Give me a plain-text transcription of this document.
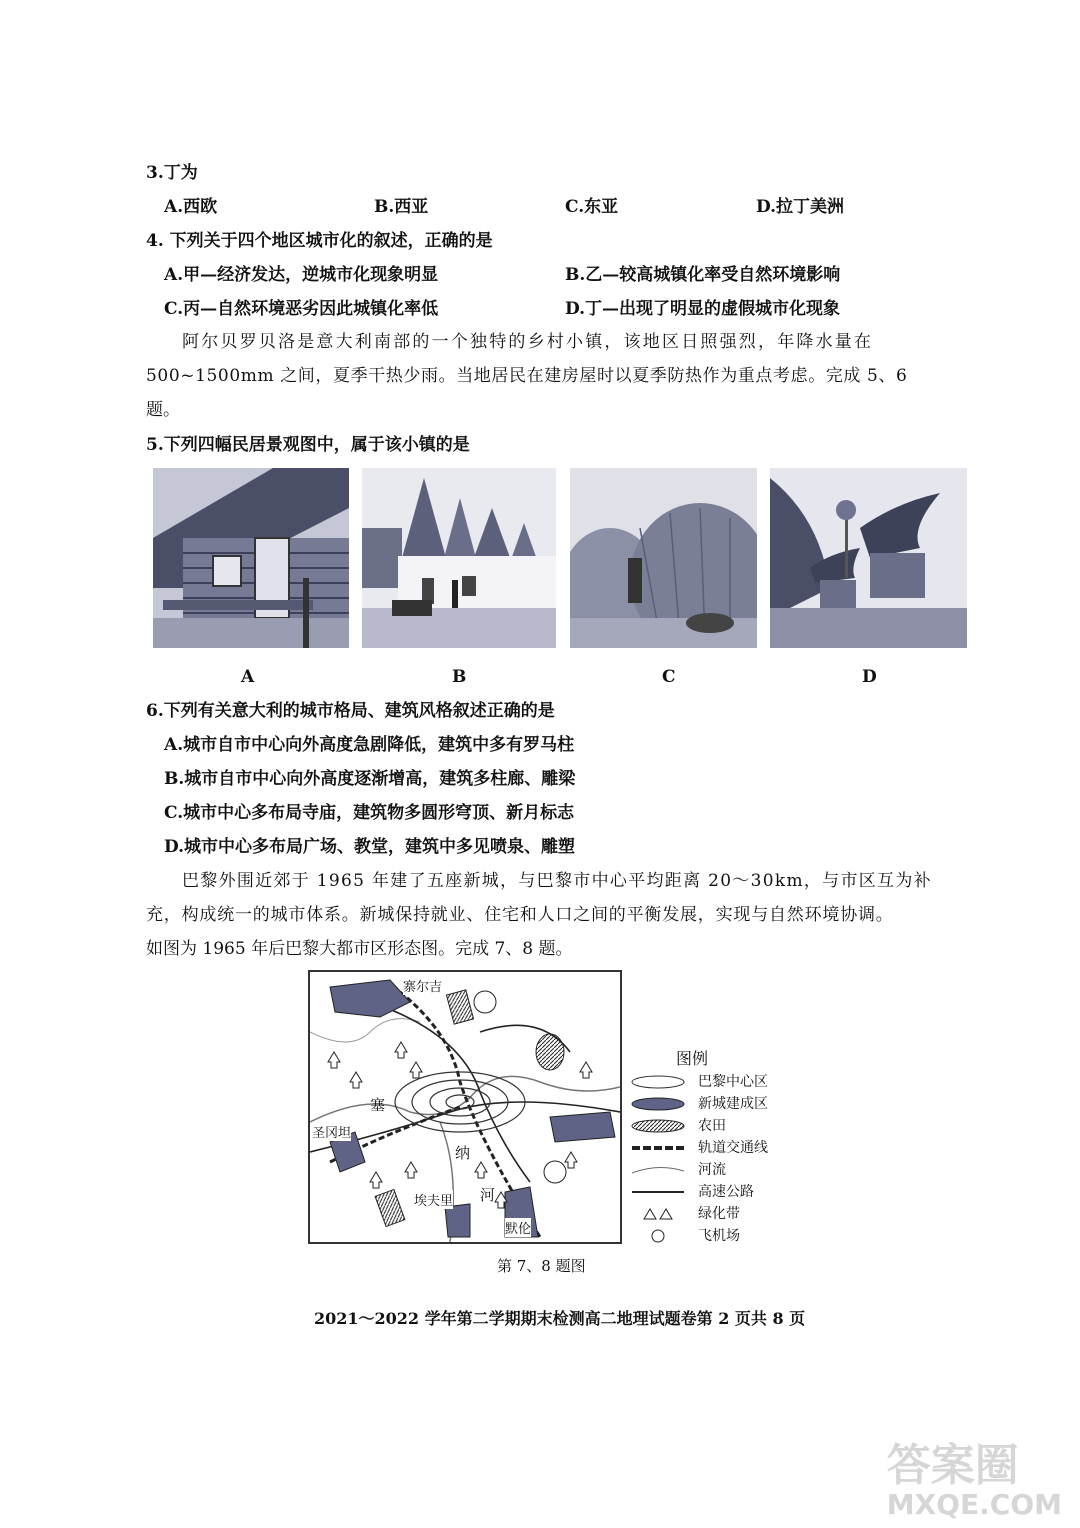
3.丁为
A.西欧	B.西亚	C.东亚	D.拉丁美洲
4. 下列关于四个地区城市化的叙述，正确的是
A.甲—经济发达，逆城市化现象明显	B.乙—较高城镇化率受自然环境影响
C.丙—自然环境恶劣因此城镇化率低	D.丁—出现了明显的虚假城市化现象
阿尔贝罗贝洛是意大利南部的一个独特的乡村小镇，该地区日照强烈，年降水量在
500~1500mm 之间，夏季干热少雨。当地居民在建房屋时以夏季防热作为重点考虑。完成 5、6
题。
5.下列四幅民居景观图中，属于该小镇的是
A	B	C	D
6.下列有关意大利的城市格局、建筑风格叙述正确的是
A.城市自市中心向外高度急剧降低，建筑中多有罗马柱
B.城市自市中心向外高度逐渐增高，建筑多柱廊、雕梁
C.城市中心多布局寺庙，建筑物多圆形穹顶、新月标志
D.城市中心多布局广场、教堂，建筑中多见喷泉、雕塑
巴黎外围近郊于 1965 年建了五座新城，与巴黎市中心平均距离 20～30km，与市区互为补
充，构成统一的城市体系。新城保持就业、住宅和人口之间的平衡发展，实现与自然环境协调。
如图为 1965 年后巴黎大都市区形态图。完成 7、8 题。
寨尔吉
圣冈坦
埃夫里
默伦
塞
纳
河
图例
巴黎中心区
新城建成区
农田
轨道交通线
河流
高速公路
绿化带
飞机场
第 7、8 题图
2021～2022 学年第二学期期末检测高二地理试题卷第 2 页共 8 页
答案圈
MXQE.COM
